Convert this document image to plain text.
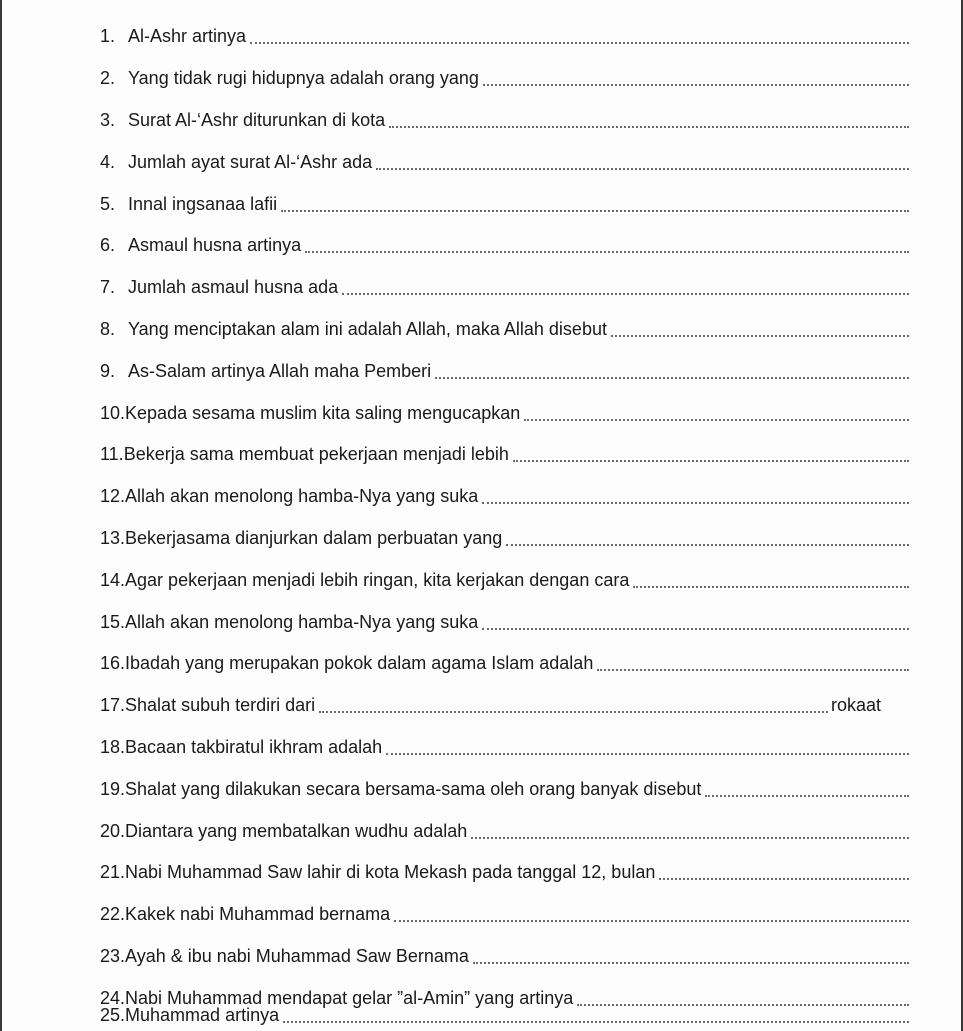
1. Al-Ashr artinya
2. Yang tidak rugi hidupnya adalah orang yang
3. Surat Al-‘Ashr diturunkan di kota
4. Jumlah ayat surat Al-‘Ashr ada
5. Innal ingsanaa lafii
6. Asmaul husna artinya
7. Jumlah asmaul husna ada
8. Yang menciptakan alam ini adalah Allah, maka Allah disebut
9. As-Salam artinya Allah maha Pemberi
10. Kepada sesama muslim kita saling mengucapkan
11. Bekerja sama membuat pekerjaan menjadi lebih
12. Allah akan menolong hamba-Nya yang suka
13. Bekerjasama dianjurkan dalam perbuatan yang
14. Agar pekerjaan menjadi lebih ringan, kita kerjakan dengan cara
15. Allah akan menolong hamba-Nya yang suka
16. Ibadah yang merupakan pokok dalam agama Islam adalah
17. Shalat subuh terdiri dari	rokaat
18. Bacaan takbiratul ikhram adalah
19. Shalat yang dilakukan secara bersama-sama oleh orang banyak disebut
20. Diantara yang membatalkan wudhu adalah
21. Nabi Muhammad Saw lahir di kota Mekash pada tanggal 12, bulan
22. Kakek nabi Muhammad bernama
23. Ayah & ibu nabi Muhammad Saw Bernama
24. Nabi Muhammad mendapat gelar ”al-Amin” yang artinya
25. Muhammad artinya
